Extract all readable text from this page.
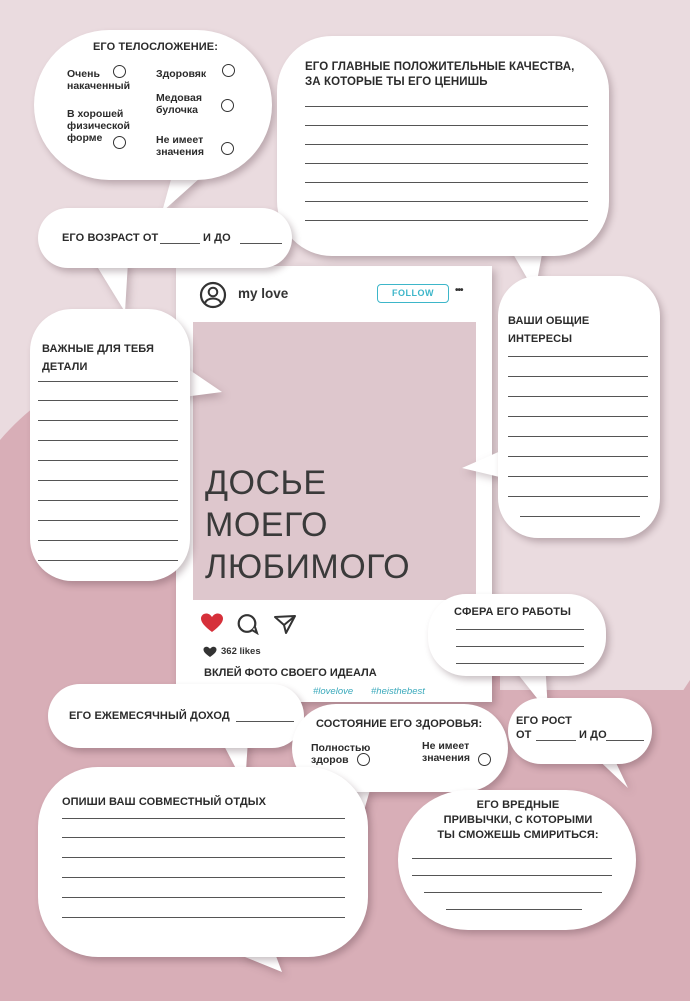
my love	FOLLOW	•••
ДОСЬЕ
МОЕГО
ЛЮБИМОГО
362 likes
ВКЛЕЙ ФОТО СВОЕГО ИДЕАЛА
#lovelove #heisthebest
ЕГО ТЕЛОСЛОЖЕНИЕ:
Очень
накаченный
Здоровяк
Медовая
булочка
В хорошей
физической
форме	Не имеет
значения
ЕГО ГЛАВНЫЕ ПОЛОЖИТЕЛЬНЫЕ КАЧЕСТВА,
ЗА КОТОРЫЕ ТЫ ЕГО ЦЕНИШЬ
ЕГО ВОЗРАСТ ОТ	И ДО
ВАЖНЫЕ ДЛЯ ТЕБЯ
ДЕТАЛИ
ВАШИ ОБЩИЕ
ИНТЕРЕСЫ
СФЕРА ЕГО РАБОТЫ
ЕГО ЕЖЕМЕСЯЧНЫЙ ДОХОД
СОСТОЯНИЕ ЕГО ЗДОРОВЬЯ:
Полностью
здоров
Не имеет
значения
ЕГО РОСТ
ОТ	И ДО
ОПИШИ ВАШ СОВМЕСТНЫЙ ОТДЫХ	ЕГО ВРЕДНЫЕ
ПРИВЫЧКИ, С КОТОРЫМИ
ТЫ СМОЖЕШЬ СМИРИТЬСЯ:
